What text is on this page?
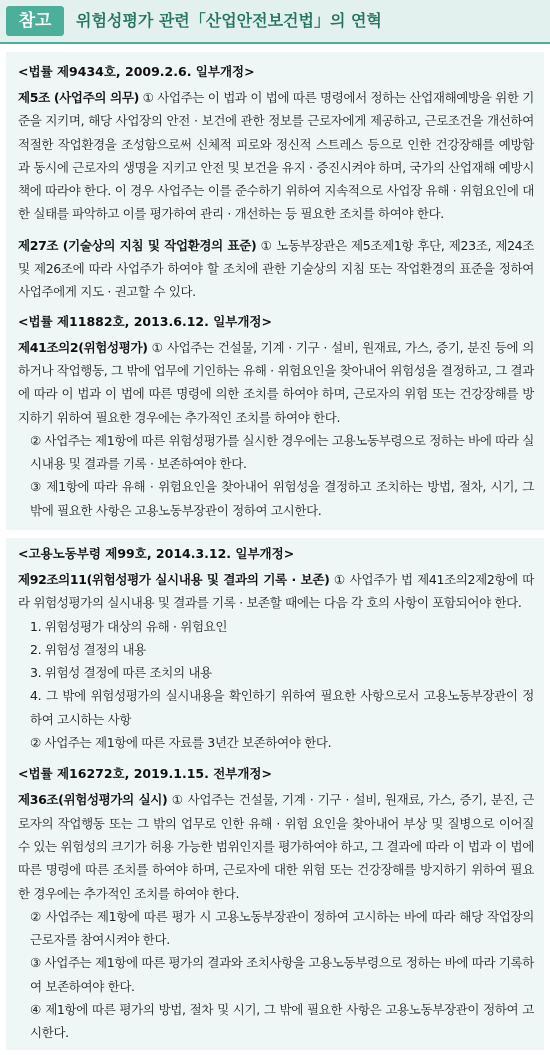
참고	위험성평가 관련「산업안전보건법」의 연혁
<법률 제9434호, 2009.2.6. 일부개정>

제5조 (사업주의 의무) ① 사업주는 이 법과 이 법에 따른 명령에서 정하는 산업재해예방을 위한 기준을 지키며, 해당 사업장의 안전 · 보건에 관한 정보를 근로자에게 제공하고, 근로조건을 개선하여 적절한 작업환경을 조성함으로써 신체적 피로와 정신적 스트레스 등으로 인한 건강장해를 예방함과 동시에 근로자의 생명을 지키고 안전 및 보건을 유지 · 증진시켜야 하며, 국가의 산업재해 예방시책에 따라야 한다. 이 경우 사업주는 이를 준수하기 위하여 지속적으로 사업장 유해 · 위험요인에 대한 실태를 파악하고 이를 평가하여 관리 · 개선하는 등 필요한 조치를 하여야 한다.

제27조 (기술상의 지침 및 작업환경의 표준) ① 노동부장관은 제5조제1항 후단, 제23조, 제24조 및 제26조에 따라 사업주가 하여야 할 조치에 관한 기술상의 지침 또는 작업환경의 표준을 정하여 사업주에게 지도 · 권고할 수 있다.

<법률 제11882호, 2013.6.12. 일부개정>

제41조의2(위험성평가) ① 사업주는 건설물, 기계 · 기구 · 설비, 원재료, 가스, 증기, 분진 등에 의하거나 작업행동, 그 밖에 업무에 기인하는 유해 · 위험요인을 찾아내어 위험성을 결정하고, 그 결과에 따라 이 법과 이 법에 따른 명령에 의한 조치를 하여야 하며, 근로자의 위험 또는 건강장해를 방지하기 위하여 필요한 경우에는 추가적인 조치를 하여야 한다.

② 사업주는 제1항에 따른 위험성평가를 실시한 경우에는 고용노동부령으로 정하는 바에 따라 실시내용 및 결과를 기록 · 보존하여야 한다.

③ 제1항에 따라 유해 · 위험요인을 찾아내어 위험성을 결정하고 조치하는 방법, 절차, 시기, 그 밖에 필요한 사항은 고용노동부장관이 정하여 고시한다.

<고용노동부령 제99호, 2014.3.12. 일부개정>

제92조의11(위험성평가 실시내용 및 결과의 기록 · 보존) ① 사업주가 법 제41조의2제2항에 따라 위험성평가의 실시내용 및 결과를 기록 · 보존할 때에는 다음 각 호의 사항이 포함되어야 한다.

1. 위험성평가 대상의 유해 · 위험요인

2. 위험성 결정의 내용

3. 위험성 결정에 따른 조치의 내용

4. 그 밖에 위험성평가의 실시내용을 확인하기 위하여 필요한 사항으로서 고용노동부장관이 정하여 고시하는 사항

② 사업주는 제1항에 따른 자료를 3년간 보존하여야 한다.

<법률 제16272호, 2019.1.15. 전부개정>

제36조(위험성평가의 실시) ① 사업주는 건설물, 기계 · 기구 · 설비, 원재료, 가스, 증기, 분진, 근로자의 작업행동 또는 그 밖의 업무로 인한 유해 · 위험 요인을 찾아내어 부상 및 질병으로 이어질 수 있는 위험성의 크기가 허용 가능한 범위인지를 평가하여야 하고, 그 결과에 따라 이 법과 이 법에 따른 명령에 따른 조치를 하여야 하며, 근로자에 대한 위험 또는 건강장해를 방지하기 위하여 필요한 경우에는 추가적인 조치를 하여야 한다.

② 사업주는 제1항에 따른 평가 시 고용노동부장관이 정하여 고시하는 바에 따라 해당 작업장의 근로자를 참여시켜야 한다.

③ 사업주는 제1항에 따른 평가의 결과와 조치사항을 고용노동부령으로 정하는 바에 따라 기록하여 보존하여야 한다.

④ 제1항에 따른 평가의 방법, 절차 및 시기, 그 밖에 필요한 사항은 고용노동부장관이 정하여 고시한다.
